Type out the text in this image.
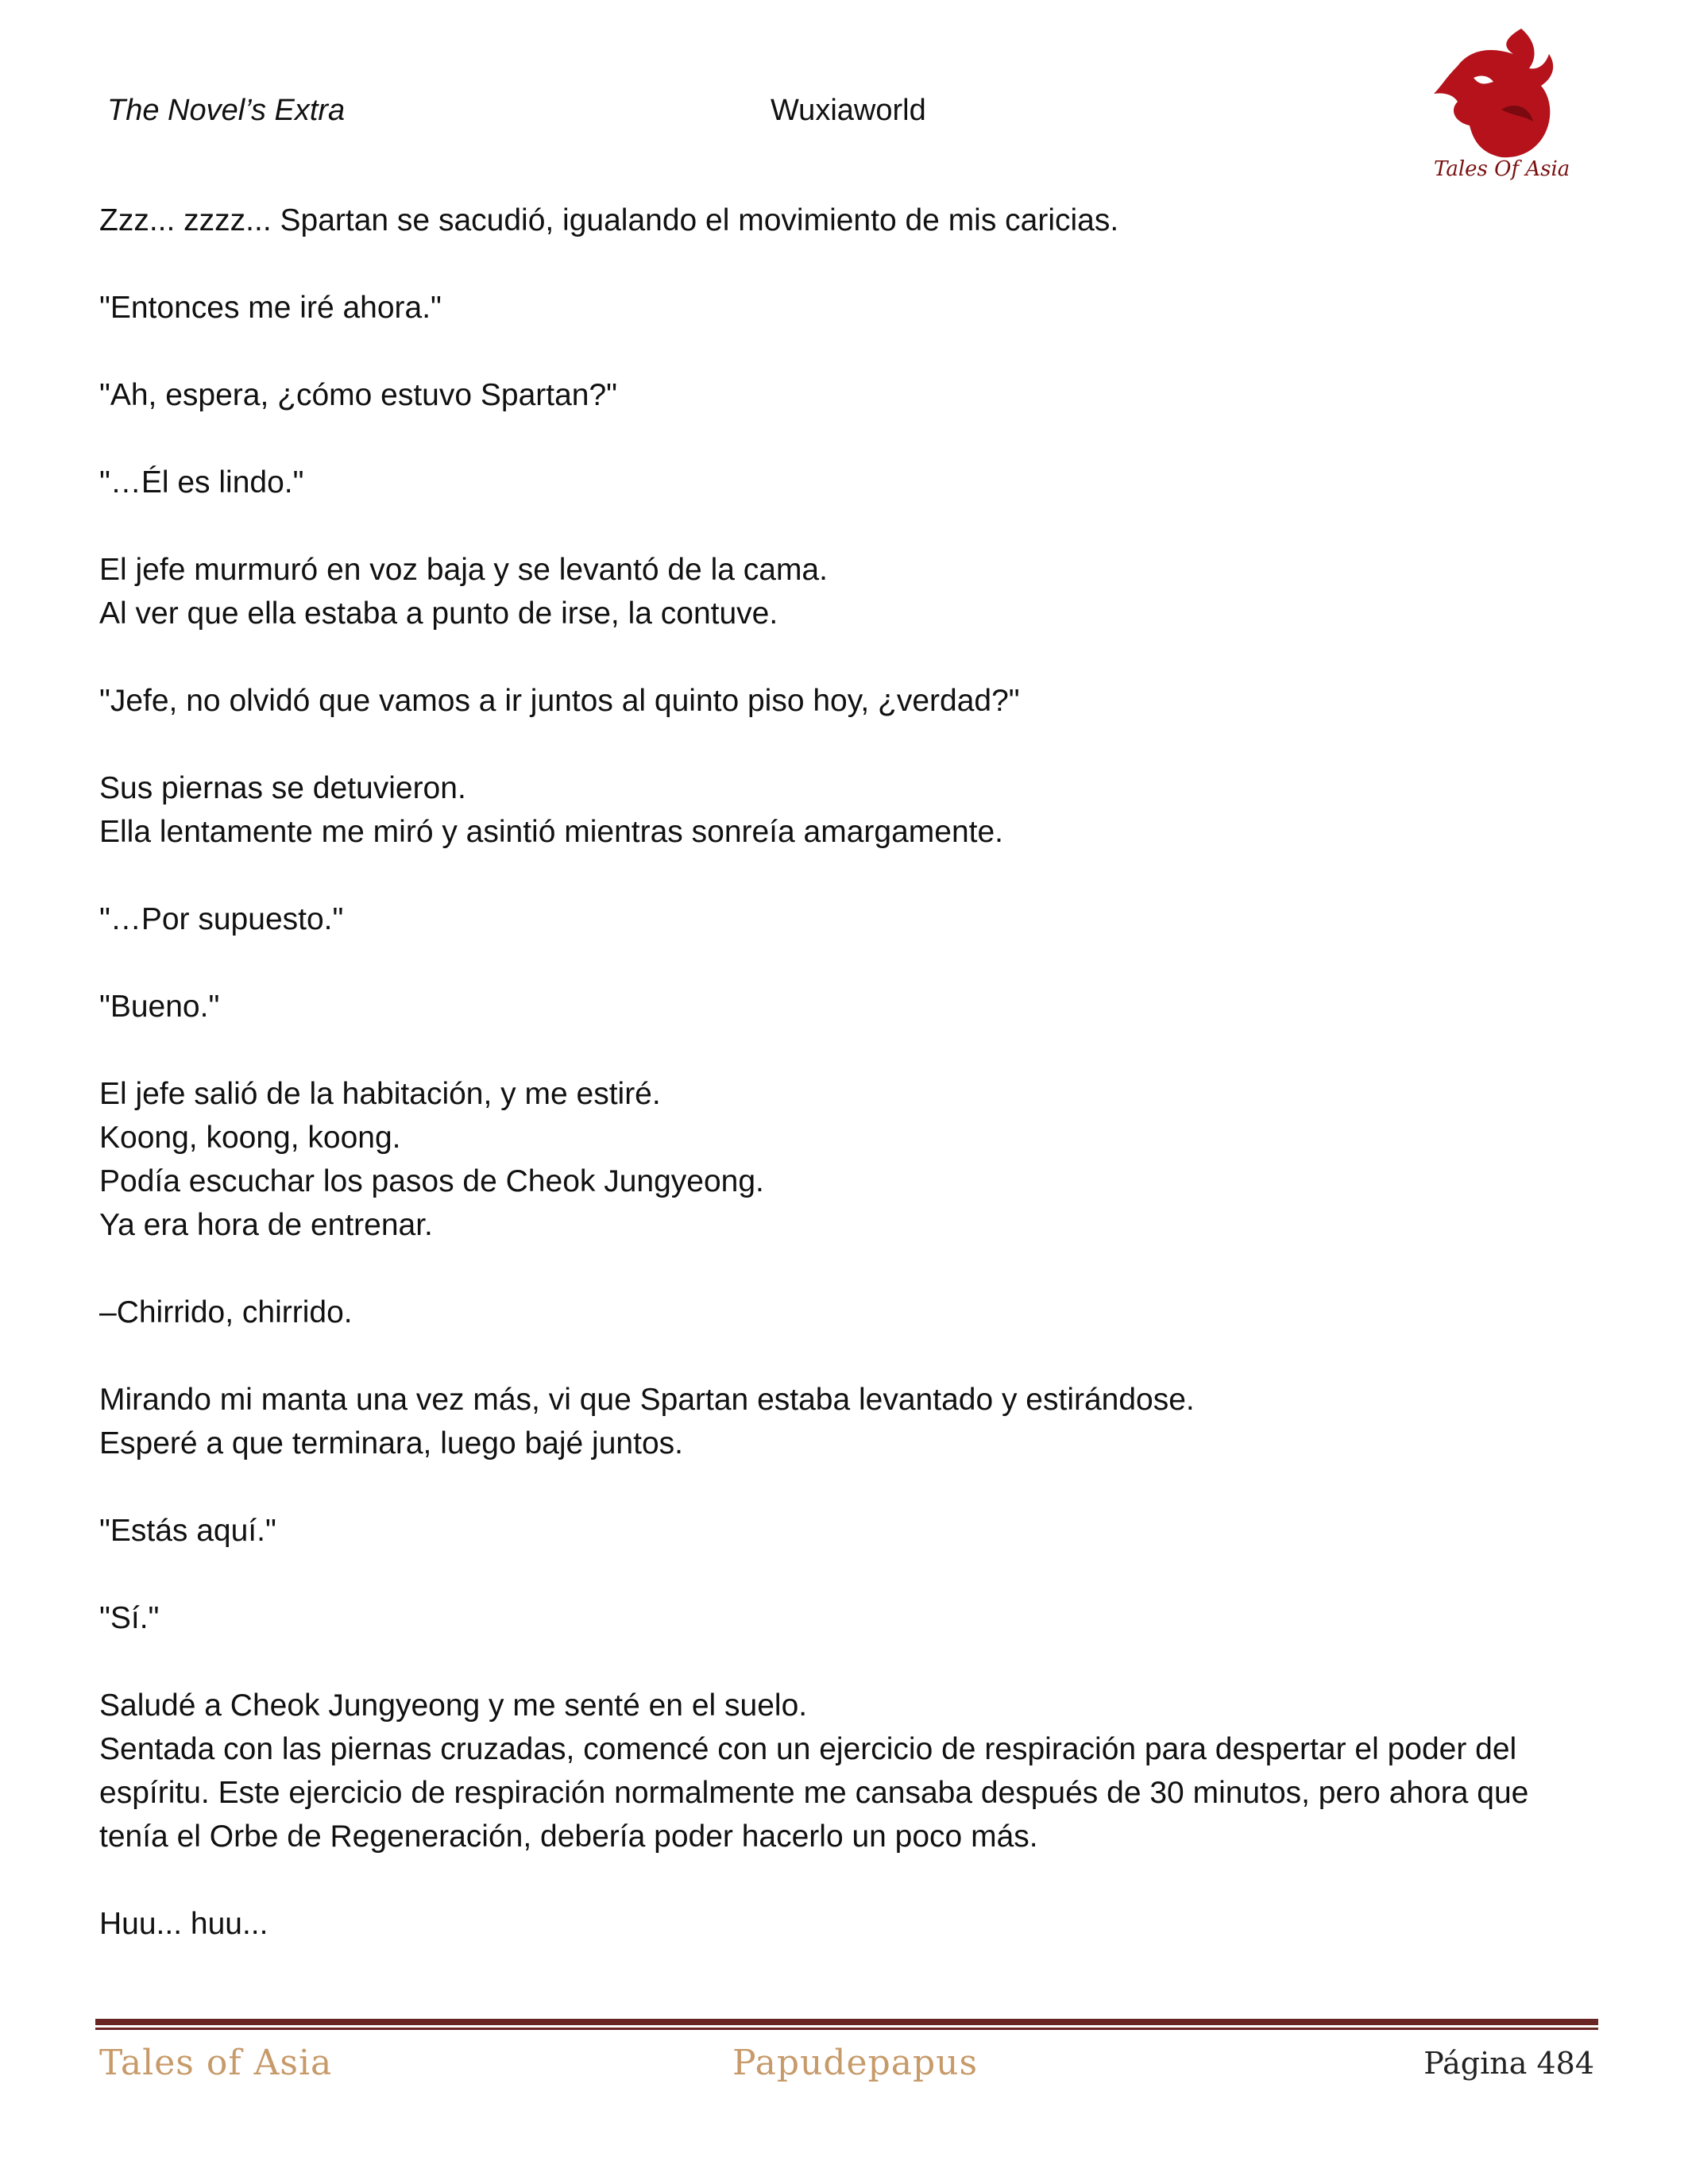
The Novel’s Extra	Wuxiaworld
Tales Of Asia
Zzz... zzzz... Spartan se sacudió, igualando el movimiento de mis caricias.
"Entonces me iré ahora."
"Ah, espera, ¿cómo estuvo Spartan?"
"…Él es lindo."
El jefe murmuró en voz baja y se levantó de la cama.
Al ver que ella estaba a punto de irse, la contuve.
"Jefe, no olvidó que vamos a ir juntos al quinto piso hoy, ¿verdad?"
Sus piernas se detuvieron.
Ella lentamente me miró y asintió mientras sonreía amargamente.
"…Por supuesto."
"Bueno."
El jefe salió de la habitación, y me estiré.
Koong, koong, koong.
Podía escuchar los pasos de Cheok Jungyeong.
Ya era hora de entrenar.
–Chirrido, chirrido.
Mirando mi manta una vez más, vi que Spartan estaba levantado y estirándose.
Esperé a que terminara, luego bajé juntos.
"Estás aquí."
"Sí."
Saludé a Cheok Jungyeong y me senté en el suelo.
Sentada con las piernas cruzadas, comencé con un ejercicio de respiración para despertar el poder del espíritu. Este ejercicio de respiración normalmente me cansaba después de 30 minutos, pero ahora que tenía el Orbe de Regeneración, debería poder hacerlo un poco más.
Huu... huu...
Tales of Asia	Papudepapus	Página 484
